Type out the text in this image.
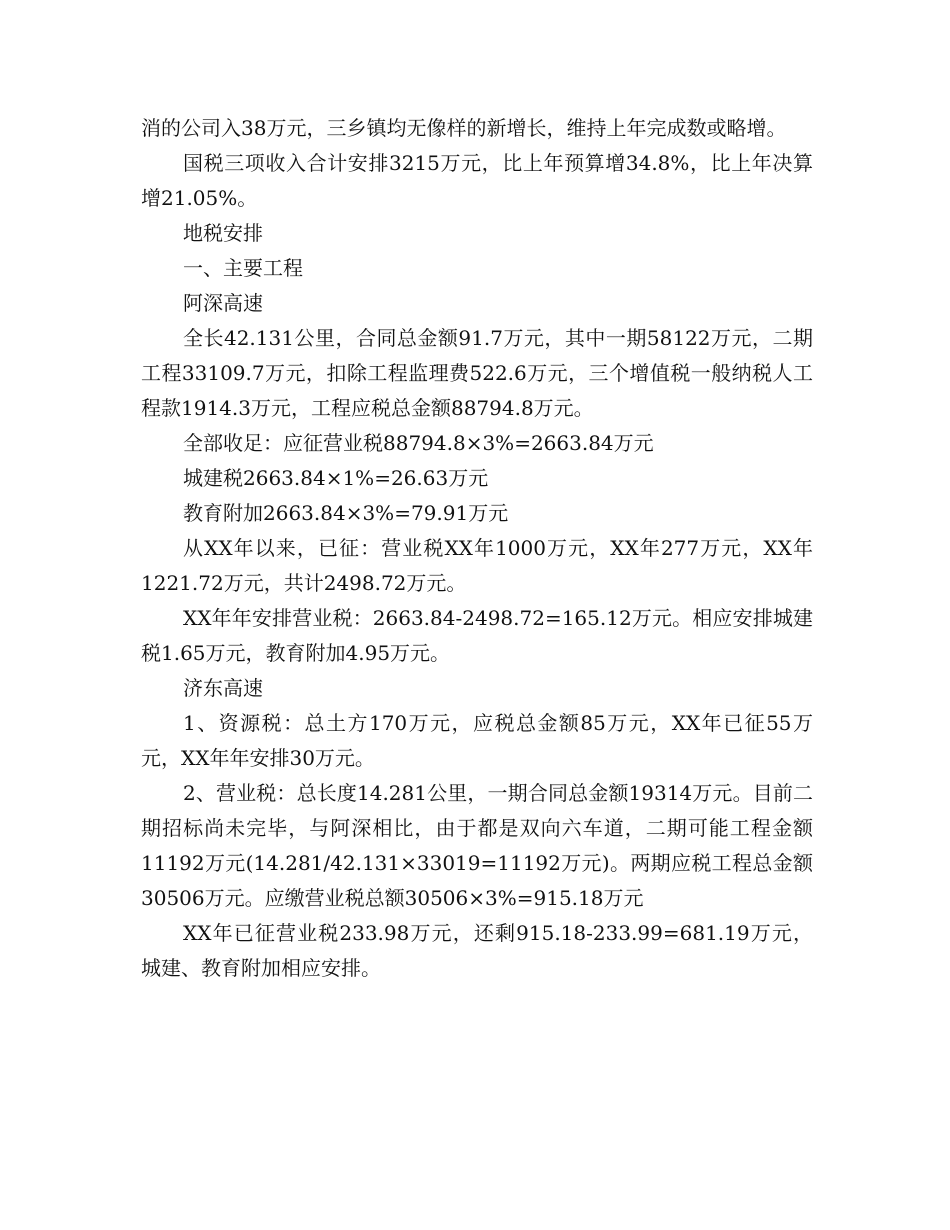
消的公司入38万元，三乡镇均无像样的新增长，维持上年完成数或略增。

国税三项收入合计安排3215万元，比上年预算增34.8%，比上年决算增21.05%。

地税安排

一、主要工程

阿深高速

全长42.131公里，合同总金额91.7万元，其中一期58122万元，二期工程33109.7万元，扣除工程监理费522.6万元，三个增值税一般纳税人工程款1914.3万元，工程应税总金额88794.8万元。

全部收足：应征营业税88794.8×3%=2663.84万元

城建税2663.84×1%=26.63万元

教育附加2663.84×3%=79.91万元

从XX年以来，已征：营业税XX年1000万元，XX年277万元，XX年1221.72万元，共计2498.72万元。

XX年年安排营业税：2663.84-2498.72=165.12万元。相应安排城建税1.65万元，教育附加4.95万元。

济东高速

1、资源税：总土方170万元，应税总金额85万元，XX年已征55万元，XX年年安排30万元。

2、营业税：总长度14.281公里，一期合同总金额19314万元。目前二期招标尚未完毕，与阿深相比，由于都是双向六车道，二期可能工程金额11192万元(14.281/42.131×33019=11192万元)。两期应税工程总金额30506万元。应缴营业税总额30506×3%=915.18万元

XX年已征营业税233.98万元，还剩915.18-233.99=681.19万元，城建、教育附加相应安排。
